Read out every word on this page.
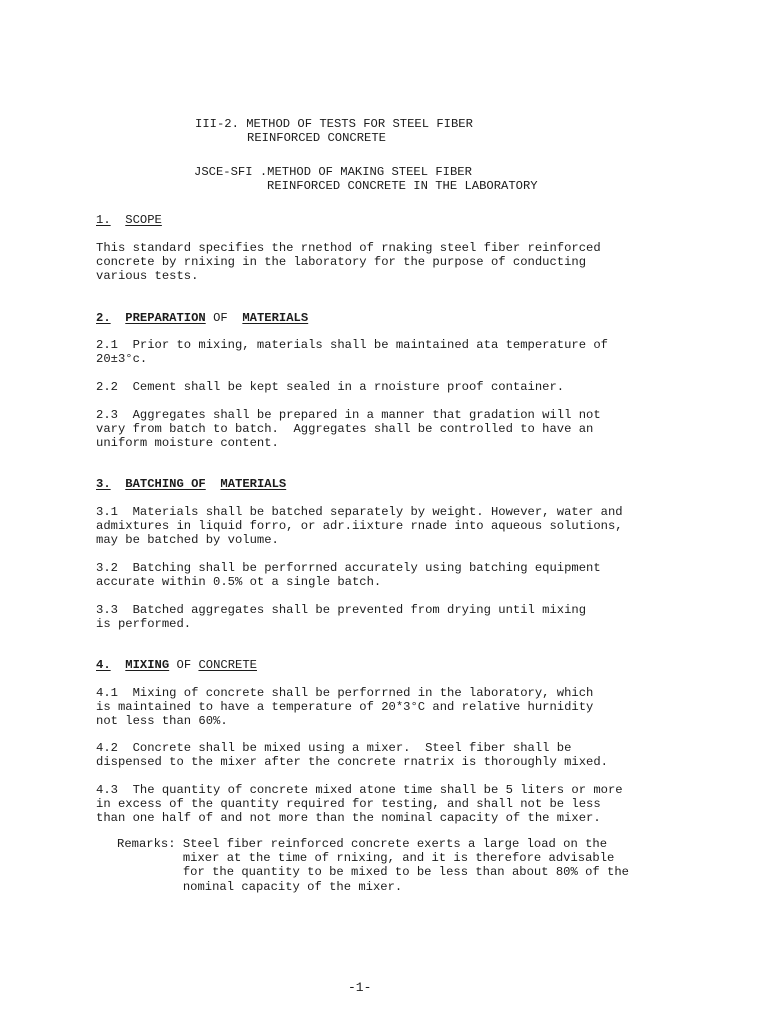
III-2. METHOD OF TESTS FOR STEEL FIBER

REINFORCED CONCRETE

JSCE-SFI .METHOD OF MAKING STEEL FIBER

REINFORCED CONCRETE IN THE LABORATORY

1. SCOPE

This standard specifies the rnethod of rnaking steel fiber reinforced
concrete by rnixing in the laboratory for the purpose of conducting
various tests.

2. PREPARATION OF MATERIALS

2.1  Prior to mixing, materials shall be maintained ata temperature of
20±3°c.

2.2  Cement shall be kept sealed in a rnoisture proof container.

2.3  Aggregates shall be prepared in a manner that gradation will not
vary from batch to batch.  Aggregates shall be controlled to have an
uniform moisture content.

3. BATCHING OF MATERIALS

3.1  Materials shall be batched separately by weight. However, water and
admixtures in liquid forro, or adr.iixture rnade into aqueous solutions,
may be batched by volume.

3.2  Batching shall be perforrned accurately using batching equipment
accurate within 0.5% ot a single batch.

3.3  Batched aggregates shall be prevented from drying until mixing
is performed.

4. MIXING OF CONCRETE

4.1  Mixing of concrete shall be perforrned in the laboratory, which
is maintained to have a temperature of 20*3°C and relative hurnidity
not less than 60%.

4.2  Concrete shall be mixed using a mixer.  Steel fiber shall be
dispensed to the mixer after the concrete rnatrix is thoroughly mixed.

4.3  The quantity of concrete mixed atone time shall be 5 liters or more
in excess of the quantity required for testing, and shall not be less
than one half of and not more than the nominal capacity of the mixer.

Remarks: Steel fiber reinforced concrete exerts a large load on the
mixer at the time of rnixing, and it is therefore advisable
for the quantity to be mixed to be less than about 80% of the
nominal capacity of the mixer.

-1-
